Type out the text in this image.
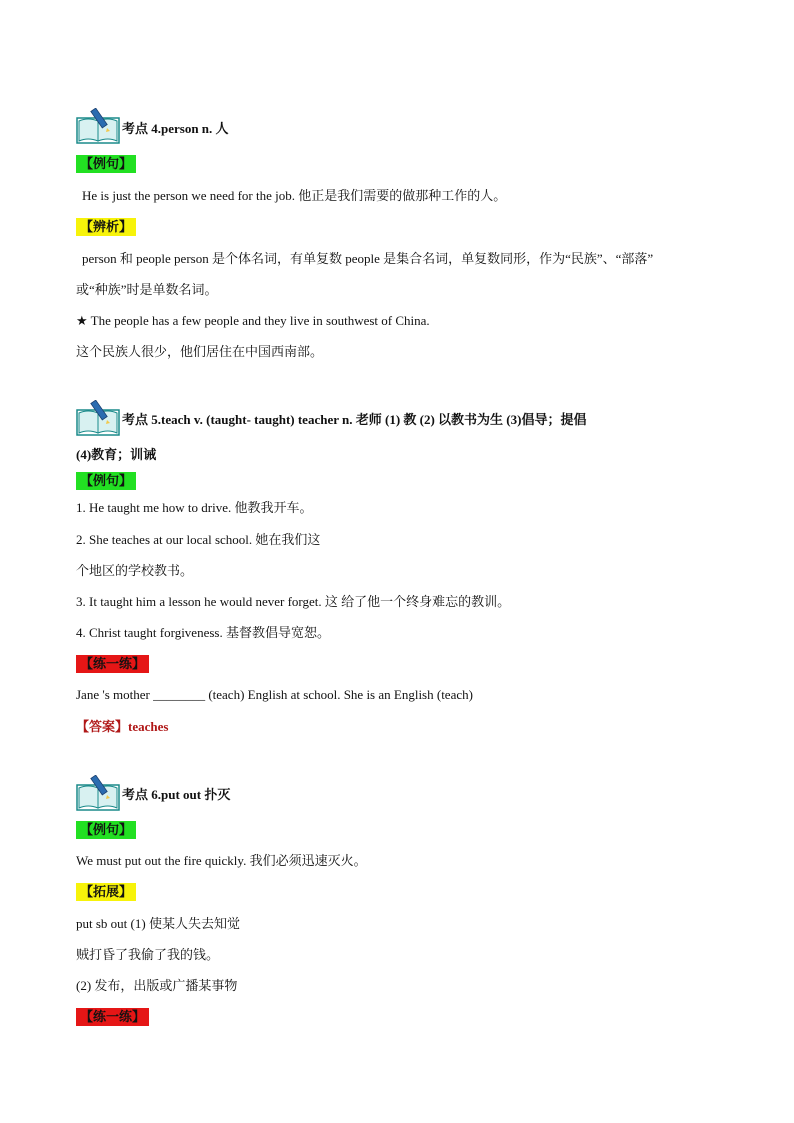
考点 4.person n. 人
【例句】
He is just the person we need for the job. 他正是我们需要的做那种工作的人。
【辨析】
person 和 people person 是个体名词，有单复数 people 是集合名词，单复数同形，作为“民族”、“部落”
或“种族”时是单数名词。
★ The people has a few people and they live in southwest of China.
这个民族人很少，他们居住在中国西南部。
考点 5.teach v. (taught- taught) teacher n. 老师 (1) 教 (2) 以教书为生 (3)倡导；提倡
(4)教育；训诫
【例句】
1. He taught me how to drive. 他教我开车。
2. She teaches at our local school. 她在我们这
个地区的学校教书。
3. It taught him a lesson he would never forget. 这 给了他一个终身难忘的教训。
4. Christ taught forgiveness. 基督教倡导宽恕。
【练一练】
Jane 's mother ________ (teach) English at school. She is an English (teach)
【答案】teaches
考点 6.put out 扑灭
【例句】
We must put out the fire quickly. 我们必须迅速灭火。
【拓展】
put sb out (1) 使某人失去知觉
贼打昏了我偷了我的钱。
(2) 发布，出版或广播某事物
【练一练】
